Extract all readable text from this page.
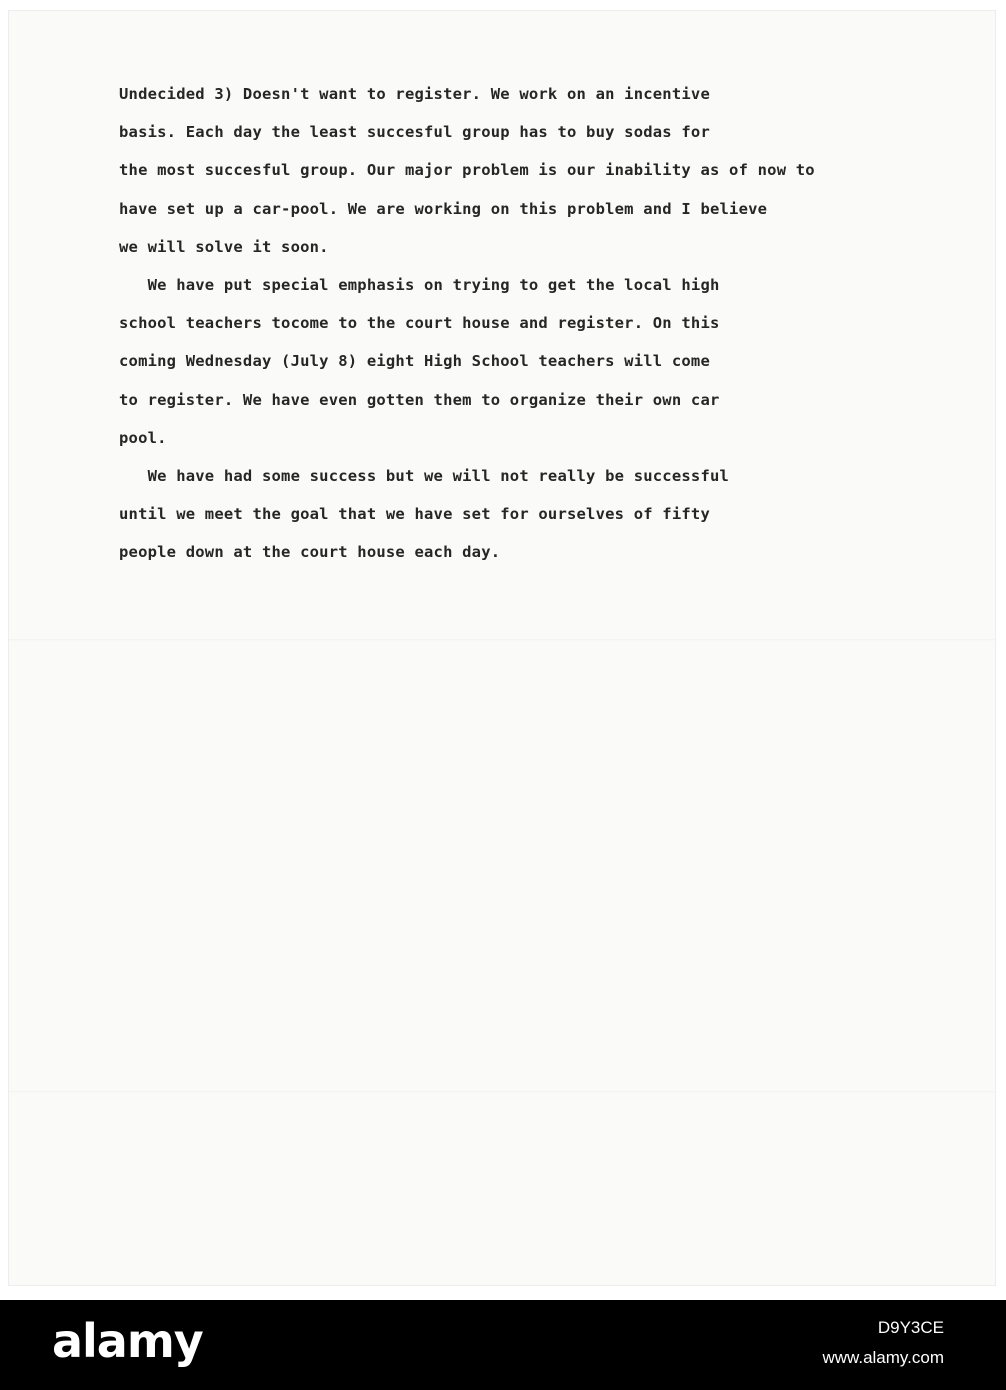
Undecided 3) Doesn't want to register. We work on an incentive
basis. Each day the least succesful group has to buy sodas for
the most succesful group. Our major problem is our inability as of now to
have set up a car-pool. We are working on this problem and I believe
we will solve it soon.
We have put special emphasis on trying to get the local high
school teachers tocome to the court house and register. On this
coming Wednesday (July 8) eight High School teachers will come
to register. We have even gotten them to organize their own car
pool.
We have had some success but we will not really be successful
until we meet the goal that we have set for ourselves of fifty
people down at the court house each day.
alamy	D9Y3CE
www.alamy.com
